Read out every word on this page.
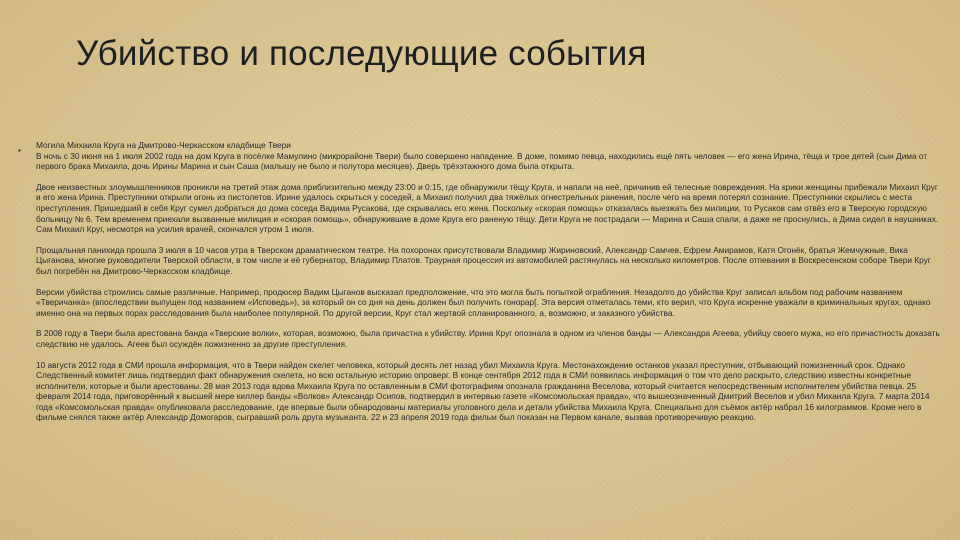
Убийство и последующие события
▪

Могила Михаила Круга на Дмитрово-Черкасском кладбище Твери

В ночь с 30 июня на 1 июля 2002 года на дом Круга в посёлке Мамулино (микрорайоне Твери) было совершено нападение. В доме, помимо певца, находились ещё пять человек — его жена Ирина, тёща и трое детей (сын Дима от первого брака Михаила, дочь Ирины Марина и сын Саша (малышу не было и полутора месяцев). Дверь трёхэтажного дома была открыта.

Двое неизвестных злоумышленников проникли на третий этаж дома приблизительно между 23:00 и 0:15, где обнаружили тёщу Круга, и напали на неё, причинив ей телесные повреждения. На крики женщины прибежали Михаил Круг и его жена Ирина. Преступники открыли огонь из пистолетов. Ирине удалось скрыться у соседей, а Михаил получил два тяжёлых огнестрельных ранения, после чего на время потерял сознание. Преступники скрылись с места преступления. Пришедший в себя Круг сумел добраться до дома соседа Вадима Русакова, где скрывалась его жена. Поскольку «скорая помощь» отказалась выезжать без милиции, то Русаков сам отвёз его в Тверскую городскую больницу № 6. Тем временем приехали вызванные милиция и «скорая помощь», обнаружившие в доме Круга его раненую тёщу. Дети Круга не пострадали — Марина и Саша спали, а даже не проснулись, а Дима сидел в наушниках. Сам Михаил Круг, несмотря на усилия врачей, скончался утром 1 июля.

Прощальная панихида прошла 3 июля в 10 часов утра в Тверском драматическом театре. На похоронах присутствовали Владимир Жириновский, Александр Самчев, Ефрем Амирамов, Катя Огонёк, братья Жемчужные, Вика Цыганова, многие руководители Тверской области, в том числе и её губернатор, Владимир Платов. Траурная процессия из автомобилей растянулась на несколько километров. После отпевания в Воскресенском соборе Твери Круг был погребён на Дмитрово-Черкасском кладбище.

Версии убийства строились самые различные. Например, продюсер Вадим Цыганов высказал предположение, что это могла быть попыткой ограбления. Незадолго до убийства Круг записал альбом под рабочим названием «Тверичанка» (впоследствии выпущен под названием «Исповедь»), за который он со дня на день должен был получить гонорар[. Эта версия отметалась теми, кто верил, что Круга искренне уважали в криминальных кругах, однако именно она на первых порах расследования была наиболее популярной. По другой версии, Круг стал жертвой спланированного, а, возможно, и заказного убийства.

В 2008 году в Твери была арестована банда «Тверские волки», которая, возможно, была причастна к убийству. Ирина Круг опознала в одном из членов банды — Александра Агеева, убийцу своего мужа, но его причастность доказать следствию не удалось. Агеев был осуждён пожизненно за другие преступления.

10 августа 2012 года в СМИ прошла информация, что в Твери найден скелет человека, который десять лет назад убил Михаила Круга. Местонахождение останков указал преступник, отбывающий пожизненный срок. Однако Следственный комитет лишь подтвердил факт обнаружения скелета, но всю остальную историю опроверг. В конце сентября 2012 года в СМИ появилась информация о том что дело раскрыто, следствию известны конкретные исполнители, которые и были арестованы. 28 мая 2013 года вдова Михаила Круга по оставленным в СМИ фотографиям опознала гражданина Веселова, который считается непосредственным исполнителем убийства певца. 25 февраля 2014 года, приговорённый к высшей мере киллер банды «Волков» Александр Осипов, подтвердил в интервью газете «Комсомольская правда», что вышеозначенный Дмитрий Веселов и убил Михаила Круга. 7 марта 2014 года «Комсомольская правда» опубликовала расследование, где впервые были обнародованы материалы уголовного дела и детали убийства Михаила Круга. Специально для съёмок актёр набрал 16 килограммов. Кроме него в фильме снялся также актёр Александр Домогаров, сыгравший роль друга музыканта. 22 и 23 апреля 2019 года фильм был показан на Первом канале, вызвав противоречивую реакцию.
